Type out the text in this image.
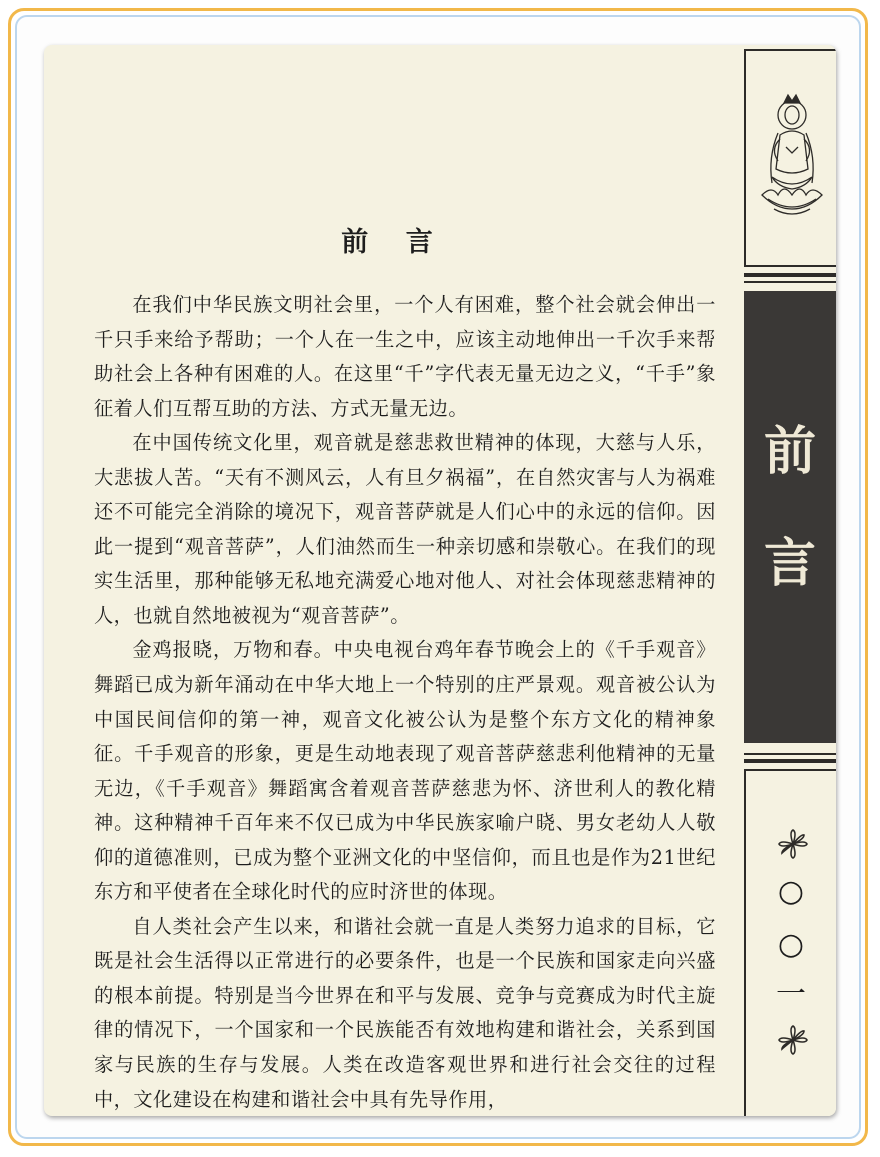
前 言

在我们中华民族文明社会里，一个人有困难，整个社会就会伸出一千只手来给予帮助；一个人在一生之中，应该主动地伸出一千次手来帮助社会上各种有困难的人。在这里“千”字代表无量无边之义，“千手”象征着人们互帮互助的方法、方式无量无边。

在中国传统文化里，观音就是慈悲救世精神的体现，大慈与人乐，大悲拔人苦。“天有不测风云，人有旦夕祸福”，在自然灾害与人为祸难还不可能完全消除的境况下，观音菩萨就是人们心中的永远的信仰。因此一提到“观音菩萨”，人们油然而生一种亲切感和崇敬心。在我们的现实生活里，那种能够无私地充满爱心地对他人、对社会体现慈悲精神的人，也就自然地被视为“观音菩萨”。

金鸡报晓，万物和春。中央电视台鸡年春节晚会上的《千手观音》舞蹈已成为新年涌动在中华大地上一个特别的庄严景观。观音被公认为中国民间信仰的第一神，观音文化被公认为是整个东方文化的精神象征。千手观音的形象，更是生动地表现了观音菩萨慈悲利他精神的无量无边，《千手观音》舞蹈寓含着观音菩萨慈悲为怀、济世利人的教化精神。这种精神千百年来不仅已成为中华民族家喻户晓、男女老幼人人敬仰的道德准则，已成为整个亚洲文化的中坚信仰，而且也是作为21世纪东方和平使者在全球化时代的应时济世的体现。

自人类社会产生以来，和谐社会就一直是人类努力追求的目标，它既是社会生活得以正常进行的必要条件，也是一个民族和国家走向兴盛的根本前提。特别是当今世界在和平与发展、竞争与竞赛成为时代主旋律的情况下，一个国家和一个民族能否有效地构建和谐社会，关系到国家与民族的生存与发展。人类在改造客观世界和进行社会交往的过程中，文化建设在构建和谐社会中具有先导作用，

前
言
○
○
一
